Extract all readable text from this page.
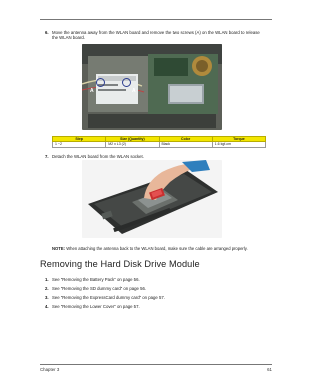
6. Move the antenna away from the WLAN board and remove the two screws (A) on the WLAN board to release the WLAN board.
A	A
Step	Size (Quantity)	Color	Torque
1 ~2	M2 x L3 (2)	Black	1.6 kgf-cm
7. Detach the WLAN board from the WLAN socket.
NOTE: When attaching the antenna back to the WLAN board, make sure the cable are arranged properly.
Removing the Hard Disk Drive Module
1. See “Removing the Battery Pack” on page 56.
2. See “Removing the SD dummy card” on page 56.
3. See “Removing the ExpressCard dummy card” on page 57.
4. See “Removing the Lower Cover” on page 57.
Chapter 3	61
